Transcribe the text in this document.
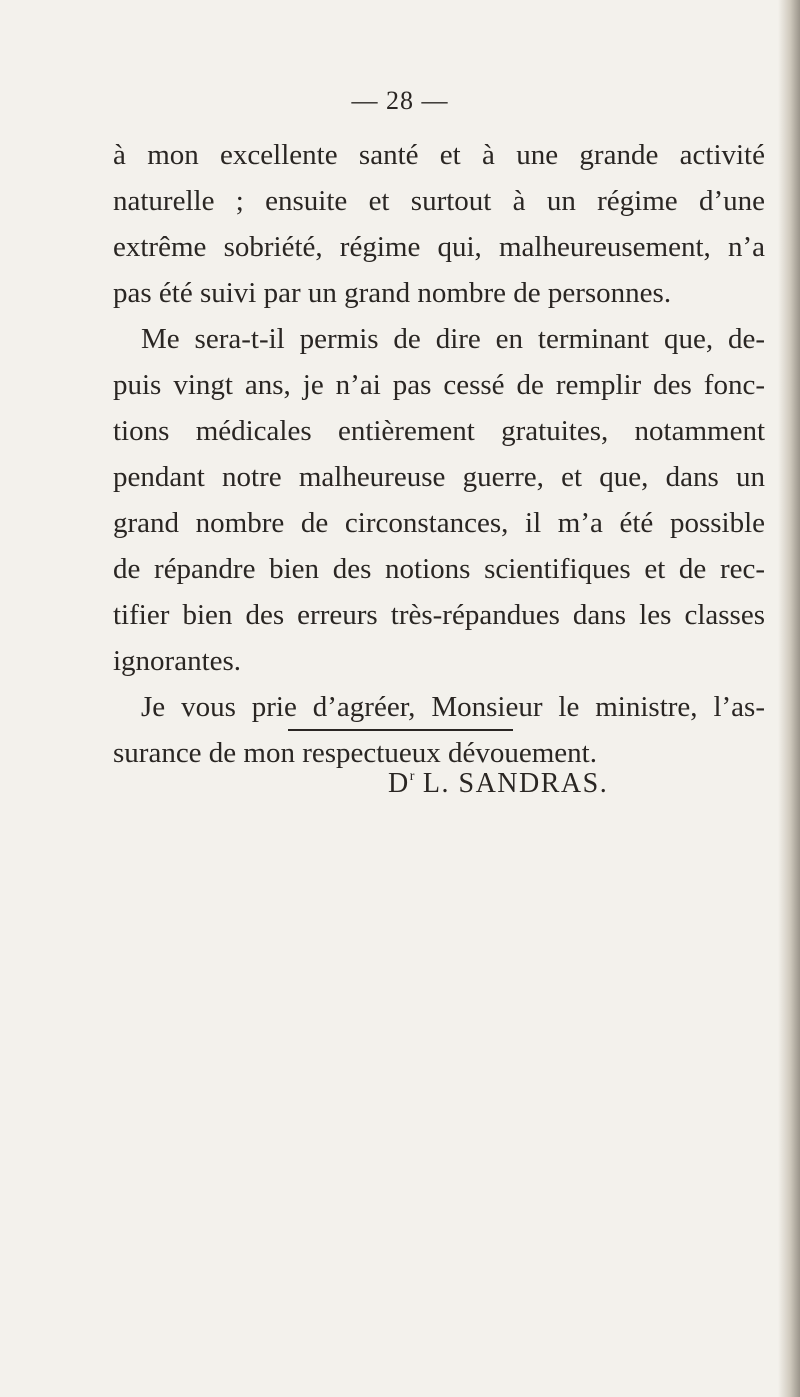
— 28 —
à mon excellente santé et à une grande activité
naturelle ; ensuite et surtout à un régime d’une
extrême sobriété, régime qui, malheureusement, n’a
pas été suivi par un grand nombre de personnes.
Me sera-t-il permis de dire en terminant que, de-
puis vingt ans, je n’ai pas cessé de remplir des fonc-
tions médicales entièrement gratuites, notamment
pendant notre malheureuse guerre, et que, dans un
grand nombre de circonstances, il m’a été possible
de répandre bien des notions scientifiques et de rec-
tifier bien des erreurs très-répandues dans les classes
ignorantes.
Je vous prie d’agréer, Monsieur le ministre, l’as-
surance de mon respectueux dévouement.
$D^r$ L. SANDRAS.
